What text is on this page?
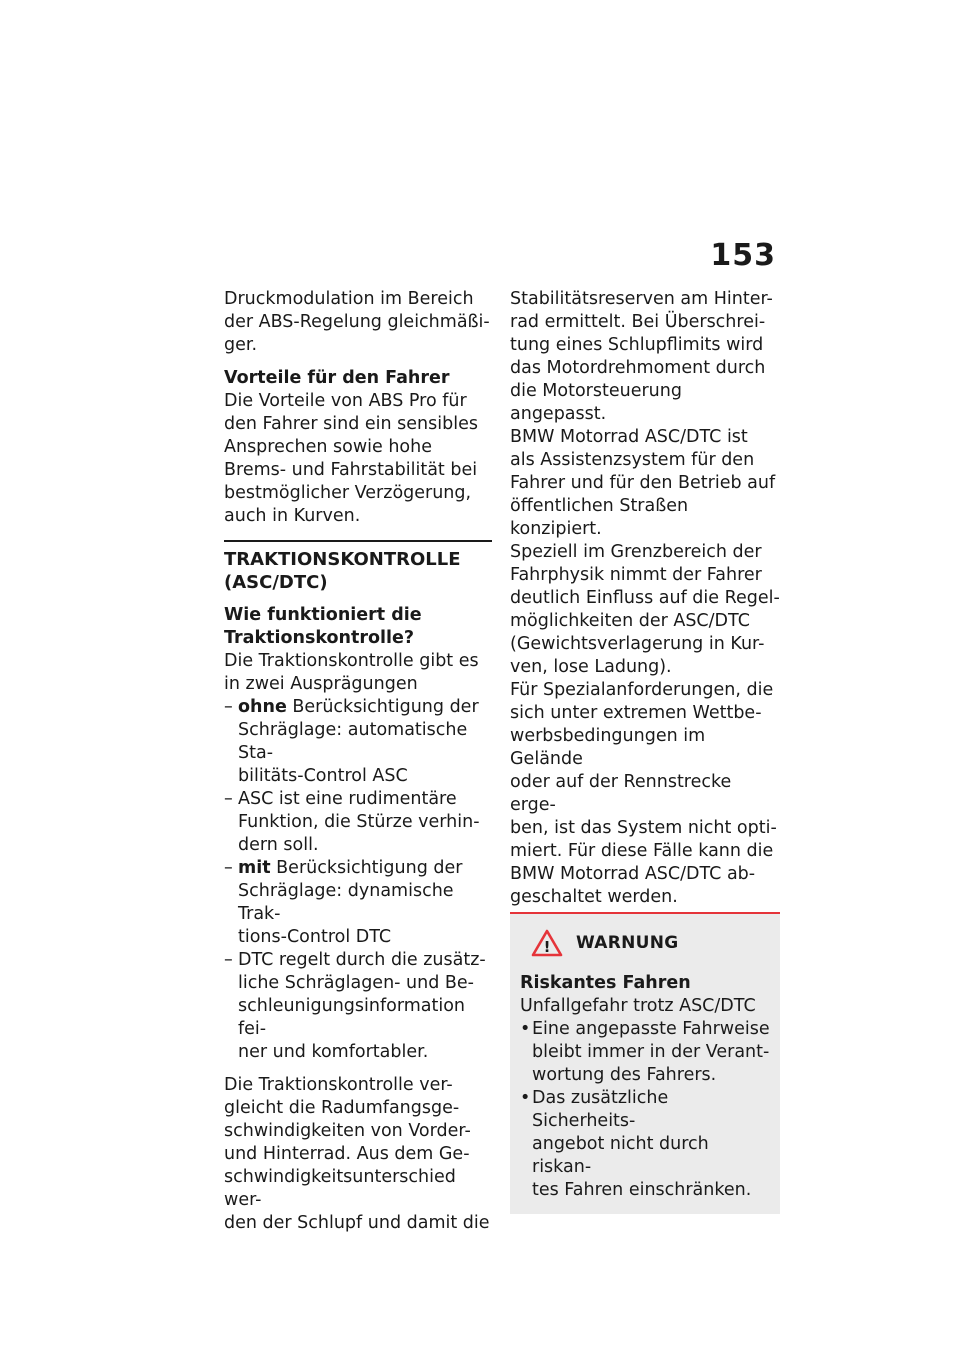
153

Druckmodulation im Bereich
der ABS-Regelung gleichmäßi-
ger.

Vorteile für den Fahrer

Die Vorteile von ABS Pro für
den Fahrer sind ein sensibles
Ansprechen sowie hohe
Brems- und Fahrstabilität bei
bestmöglicher Verzögerung,
auch in Kurven.

TRAKTIONSKONTROLLE
(ASC/DTC)

Wie funktioniert die
Traktionskontrolle?

Die Traktionskontrolle gibt es
in zwei Ausprägungen

– ohne Berücksichtigung der
Schräglage: automatische Sta-
bilitäts-Control ASC
– ASC ist eine rudimentäre
Funktion, die Stürze verhin-
dern soll.
– mit Berücksichtigung der
Schräglage: dynamische Trak-
tions-Control DTC
– DTC regelt durch die zusätz-
liche Schräglagen- und Be-
schleunigungsinformation fei-
ner und komfortabler.

Die Traktionskontrolle ver-
gleicht die Radumfangsge-
schwindigkeiten von Vorder-
und Hinterrad. Aus dem Ge-
schwindigkeitsunterschied wer-
den der Schlupf und damit die

Stabilitätsreserven am Hinter-
rad ermittelt. Bei Überschrei-
tung eines Schlupflimits wird
das Motordrehmoment durch
die Motorsteuerung angepasst.
BMW Motorrad ASC/DTC ist
als Assistenzsystem für den
Fahrer und für den Betrieb auf
öffentlichen Straßen konzipiert.
Speziell im Grenzbereich der
Fahrphysik nimmt der Fahrer
deutlich Einfluss auf die Regel-
möglichkeiten der ASC/DTC
(Gewichtsverlagerung in Kur-
ven, lose Ladung).

Für Spezialanforderungen, die
sich unter extremen Wettbe-
werbsbedingungen im Gelände
oder auf der Rennstrecke erge-
ben, ist das System nicht opti-
miert. Für diese Fälle kann die
BMW Motorrad ASC/DTC ab-
geschaltet werden.

! WARNUNG

Riskantes Fahren

Unfallgefahr trotz ASC/DTC

• Eine angepasste Fahrweise
bleibt immer in der Verant-
wortung des Fahrers.
• Das zusätzliche Sicherheits-
angebot nicht durch riskan-
tes Fahren einschränken.
